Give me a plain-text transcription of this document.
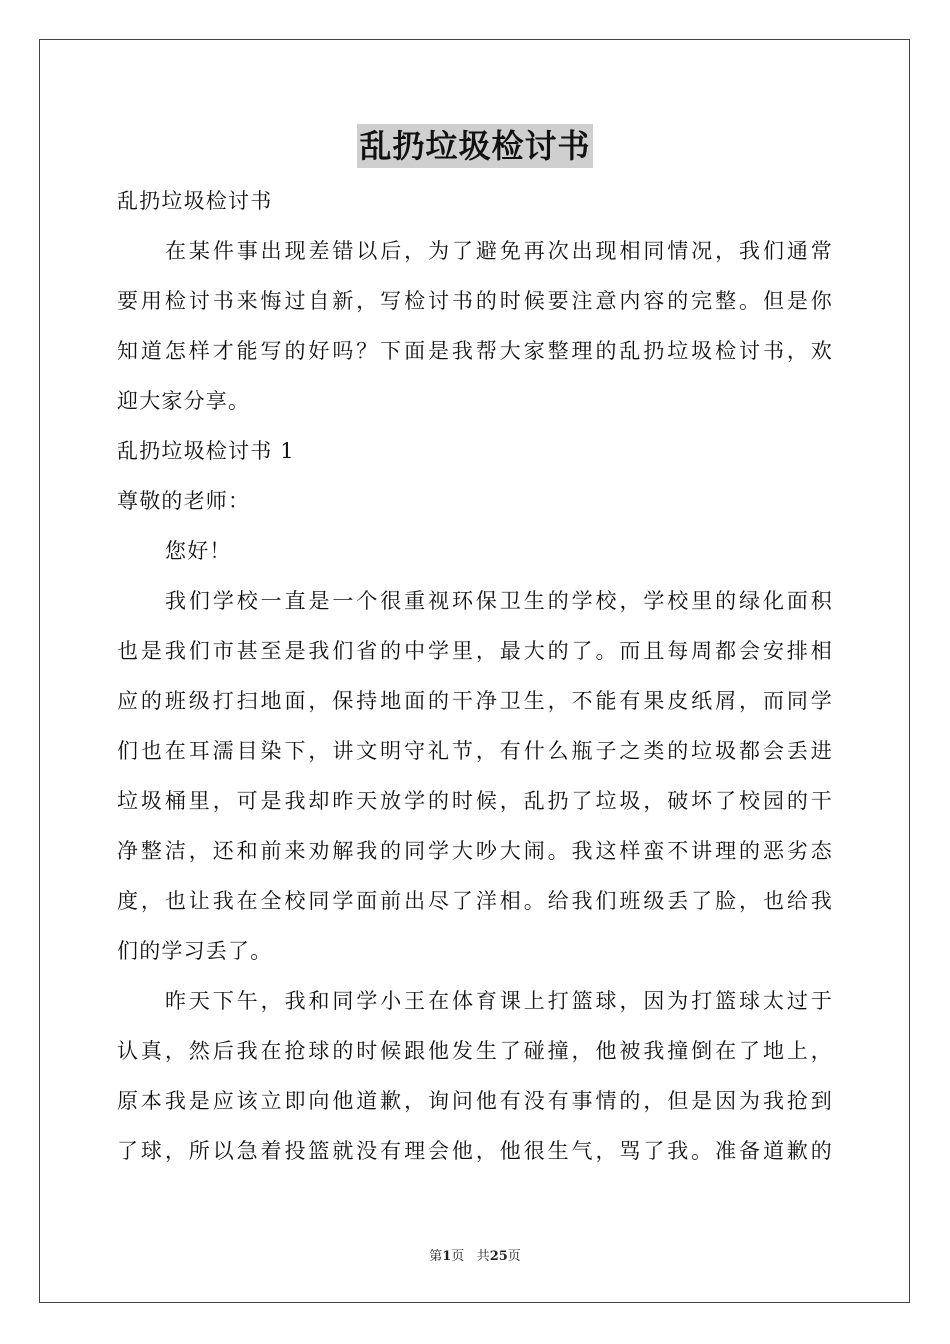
乱扔垃圾检讨书

乱扔垃圾检讨书

在某件事出现差错以后，为了避免再次出现相同情况，我们通常

要用检讨书来悔过自新，写检讨书的时候要注意内容的完整。但是你

知道怎样才能写的好吗？下面是我帮大家整理的乱扔垃圾检讨书，欢

迎大家分享。

乱扔垃圾检讨书 1

尊敬的老师：

您好！

我们学校一直是一个很重视环保卫生的学校，学校里的绿化面积

也是我们市甚至是我们省的中学里，最大的了。而且每周都会安排相

应的班级打扫地面，保持地面的干净卫生，不能有果皮纸屑，而同学

们也在耳濡目染下，讲文明守礼节，有什么瓶子之类的垃圾都会丢进

垃圾桶里，可是我却昨天放学的时候，乱扔了垃圾，破坏了校园的干

净整洁，还和前来劝解我的同学大吵大闹。我这样蛮不讲理的恶劣态

度，也让我在全校同学面前出尽了洋相。给我们班级丢了脸，也给我

们的学习丢了。

昨天下午，我和同学小王在体育课上打篮球，因为打篮球太过于

认真，然后我在抢球的时候跟他发生了碰撞，他被我撞倒在了地上，

原本我是应该立即向他道歉，询问他有没有事情的，但是因为我抢到

了球，所以急着投篮就没有理会他，他很生气，骂了我。准备道歉的

第1页 共25页
